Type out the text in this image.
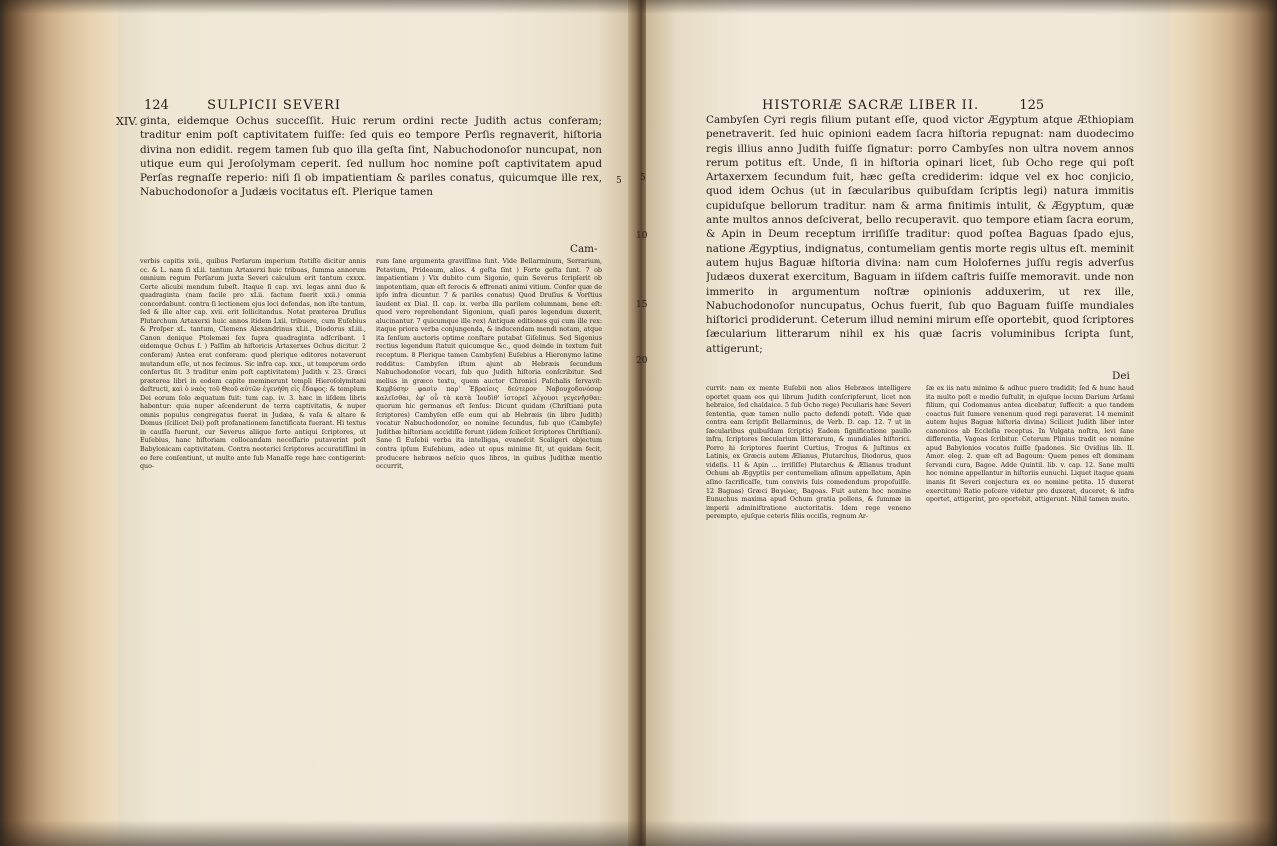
124	SULPICII SEVERI
XIV.
5

ginta, eidemque Ochus succeſſit. Huic rerum ordini recte Judith actus conferam; traditur enim poſt captivitatem fuiſſe: ſed quis eo tempore Perſis regnaverit, hiſtoria divina non edidit. regem tamen ſub quo illa geſta ſint, Nabuchodonoſor nuncupat, non utique eum qui Jeroſolymam ceperit. ſed nullum hoc nomine poſt captivitatem apud Perſas regnaſſe reperio: niſi ſi ob impatientiam & pariles conatus, quicumque ille rex, Nabuchodonoſor a Judæis vocitatus eſt. Plerique tamen

Cam-

verbis capitis xvii., quibus Perſarum imperium ſtetiſſe dicitur annis cc. & L. nam ſi xLii. tantum Artaxerxi huic tribuas, ſumma annorum omnium regum Perſarum juxta Severi calculum erit tantum cxxxx. Certe alicubi mendum ſubeſt. Itaque ſi cap. xvi. legas anni duo & quadraginta (nam facile pro xLii. factum fuerit xxii.) omnia concordabunt. contra ſi lectionem ejus loci defendas, non iſte tantum, ſed & ille alter cap. xvii. erit ſollicitandus. Notat præterea Druſius Plutarchum Artaxerxi huic annos itidem Lxii. tribuere, cum Euſebius & Proſper xL. tantum, Clemens Alexandrinus xLii., Diodorus xLiii., Canon denique Ptolemæi ſex ſupra quadraginta adſcribant. 1 eidemque Ochus ſ. ) Paſſim ab hiſtoricis Artaxerxes Ochus dicitur. 2 conferam) Antea erat conferam: quod plerique editores notaverunt mutandum eſſe, ut nos fecimus. Sic infra cap. xxx., ut temporum ordo conſertus ſit. 3 traditur enim poſt captivitatem) Judith v. 23. Græci præterea libri in eodem capite meminerunt templi Hieroſolymitani deſtructi, καὶ ὁ ναὸς τοῦ Θεοῦ αὐτῶν ἐγενήθη εἰς ἔδαφος: & templum Dei eorum ſolo æquatum fuit: tum cap. iv. 3. hæc in iiſdem libris habentur: quia nuper aſcenderunt de terra captivitatis, & nuper omnis populus congregatus fuerat in Judæa, & vaſa & altare & Domus (ſcilicet Dei) poſt profanationem ſanctificata fuerant. Hi textus in cauſſa fuerunt, cur Severus aliique forte antiqui ſcriptores, ut Euſebius, hanc hiſtoriam collocandam neceſſario putaverint poſt Babylonicam captivitatem. Contra neoterici ſcriptores accuratiſſimi in eo fere conſentiunt, ut multo ante ſub Manaſſe rege hæc contigerint: quo-

rum ſane argumenta graviſſima ſunt. Vide Bellarminum, Serrarium, Petavium, Prideaum, alios. 4 geſta ſint ) Forte geſta ſunt. 7 ob impatientiam ) Vix dubito cum Sigonio, quin Severus ſcripſerit ob impotentiam, quæ eſt ferocis & effrenati animi vitium. Confer quæ de ipſo infra dicuntur. 7 & pariles conatus) Quod Druſius & Vorſtius laudent ex Dial. II. cap. ix. verba illa parilem columnam, bene eſt: quod vero reprehendant Sigonium, quaſi pares legendum duxerit, alucinantur. 7 quicumque ille rex) Antiquæ editiones qui cum ille rex: itaque priora verba conjungenda, & inducendam mendi notam, atque ita ſenſum auctoris optime conſtare putabat Giſelinus. Sed Sigonius rectius legendum ſtatuit quicumque &c., quod deinde in textum fuit receptum. 8 Plerique tamen Cambyſen) Euſebius a Hieronymo latine redditus: Cambyſen iſtum ajunt ab Hebræis ſecundum Nabuchodonoſor vocari, ſub quo Judith hiſtoria conſcribitur. Sed melius in græco textu, quem auctor Chronici Paſchalis ſervavit: Καμβύσην φασὶν παρ' Ἑβραίοις δεύτερον Ναβουχοδονόσορ καλεῖσθαι, ἐφ' οὗ τὰ κατὰ Ἰουδὶθ' ἱστορεῖ λέγουσι γεγενῆσθαι: quorum hic germanus eſt ſenſus: Dicunt quidam (Chriſtiani puta ſcriptores) Cambyſen eſſe eum qui ab Hebræis (in libro Judith) vocatur Nabuchodonoſor, eo nomine ſecundus, ſub quo (Cambyſe) Judithæ hiſtoriam accidiſſe ferunt (iidem ſcilicet ſcriptores Chriſtiani). Sane ſi Euſebii verba ita intelligas, evaneſcit Scaligeri objectum contra ipſum Euſebium, adeo ut opus minime ſit, ut quidam fecit, producere hebræos neſcio quos libros, in quibus Judithæ mentio occurrit,

HISTORIÆ SACRÆ LIBER II.	125
5
10
15
20

Cambyſen Cyri regis filium putant eſſe, quod victor Ægyptum atque Æthiopiam penetraverit. ſed huic opinioni eadem ſacra hiſtoria repugnat: nam duodecimo regis illius anno Judith fuiſſe ſignatur: porro Cambyſes non ultra novem annos rerum potitus eſt. Unde, ſi in hiſtoria opinari licet, ſub Ocho rege qui poſt Artaxerxem ſecundum fuit, hæc geſta crediderim: idque vel ex hoc conjicio, quod idem Ochus (ut in ſæcularibus quibuſdam ſcriptis legi) natura immitis cupiduſque bellorum traditur. nam & arma finitimis intulit, & Ægyptum, quæ ante multos annos deſciverat, bello recuperavit. quo tempore etiam ſacra eorum, & Apin in Deum receptum irriſiſſe traditur: quod poſtea Baguas ſpado ejus, natione Ægyptius, indignatus, contumeliam gentis morte regis ultus eſt. meminit autem hujus Baguæ hiſtoria divina: nam cum Holofernes juſſu regis adverſus Judæos duxerat exercitum, Baguam in iiſdem caſtris fuiſſe memoravit. unde non immerito in argumentum noſtræ opinionis adduxerim, ut rex ille, Nabuchodonoſor nuncupatus, Ochus fuerit, ſub quo Baguam fuiſſe mundiales hiſtorici prodiderunt. Ceterum illud nemini mirum eſſe oportebit, quod ſcriptores ſæcularium litterarum nihil ex his quæ ſacris voluminibus ſcripta ſunt, attigerunt;

Dei

currit: nam ex mente Euſebii non alios Hebræos intelligere oportet quam eos qui librum Judith conſcripſerunt, licet non hebraice, ſed chaldaice. 5 ſub Ocho rege) Peculiaris hæc Severi ſententia, quæ tamen nullo pacto defendi poteſt. Vide quæ contra eam ſcripſit Bellarminus, de Verb. D. cap. 12. 7 ut in ſæcularibus quibuſdam ſcriptis) Eadem ſignificatione paullo infra, ſcriptores ſæcularium litterarum, & mundiales hiſtorici. Porro hi ſcriptores fuerint Curtius, Trogus & Juſtinus ex Latinis, ex Græcis autem Ælianus, Plutarchus, Diodorus, quos videſis. 11 & Apin ... irriſiſſe) Plutarchus & Ælianus tradunt Ochum ab Ægyptiis per contumeliam aſinum appellatum, Apin aſino ſacrificaſſe, tum convivis ſuis comedendum propoſuiſſe. 12 Baguas) Græci Βαγώας, Bagoas. Fuit autem hoc nomine Eunuchus maxima apud Ochum gratia pollens, & ſummæ in imperii adminiſtratione auctoritatis. Idem rege veneno perempto, ejuſque ceteris filiis occiſis, regnum Ar-

ſæ ex iis natu minimo & adhuc puero tradidit; ſed & hunc haud ita multo poſt e medio ſuſtulit, in ejuſque locum Darium Arſami filium, qui Codomanus antea dicebatur, ſuffecit: a quo tandem coactus fuit ſumere venenum quod regi paraverat. 14 meminit autem hujus Baguæ hiſtoria divina) Scilicet Judith liber inter canonicos ab Eccleſia receptus. In Vulgata noſtra, levi ſane differentia, Vagoas ſcribitur. Ceterum Plinius tradit eo nomine apud Babylonios vocatos fuiſſe ſpadones. Sic Ovidius lib. II. Amor. eleg. 2. quæ eſt ad Bagoum: Quem penes eſt dominam ſervandi cura, Bagoe. Adde Quintil. lib. v. cap. 12. Sane multi hoc nomine appellantur in hiſtoriis eunuchi. Liquet itaque quam inanis ſit Severi conjectura ex eo nomine petita. 15 duxerat exercitum) Ratio poſcere videtur pro duxerat, duceret; & infra oportet, attigerint, pro oportebit, attigerunt. Nihil tamen muto.
